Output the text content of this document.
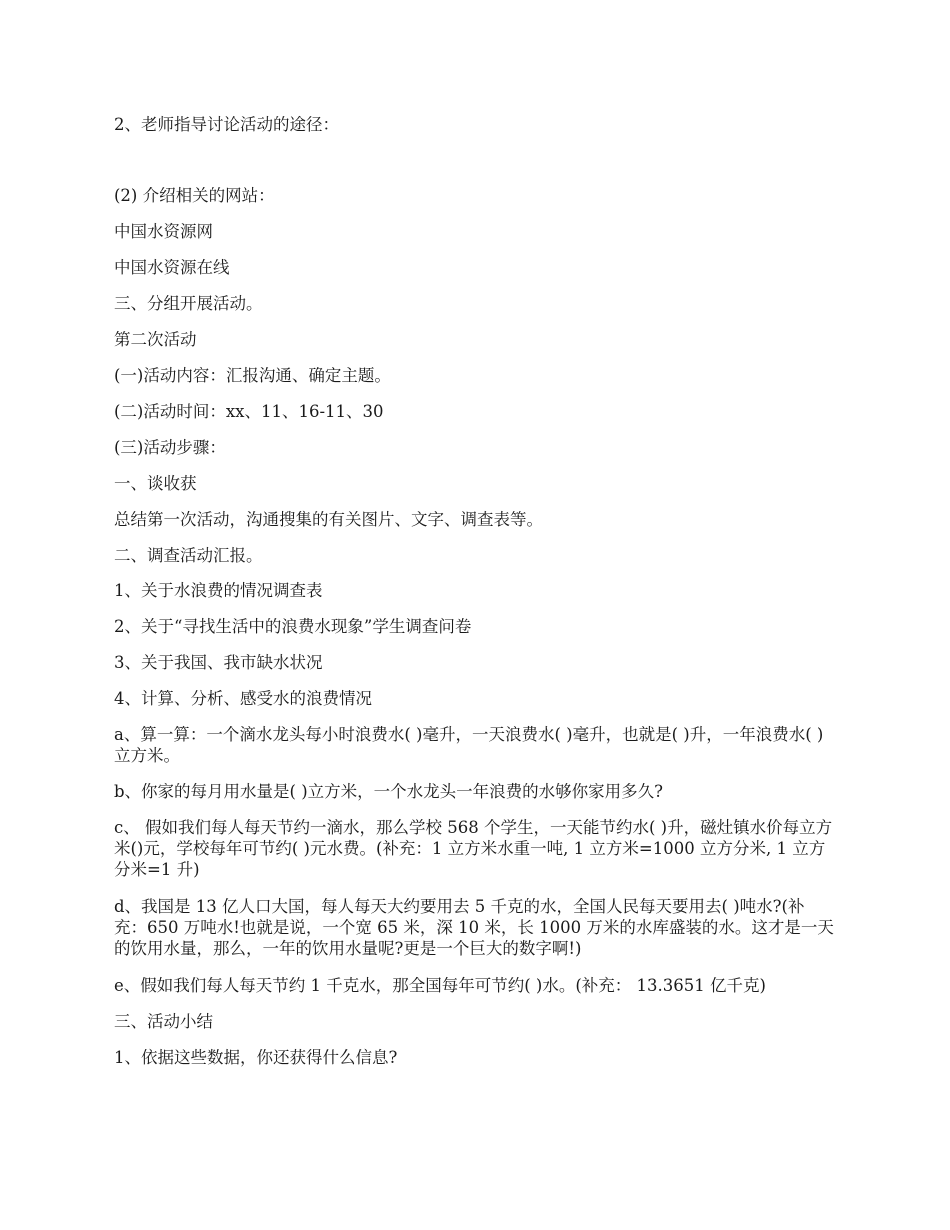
2、老师指导讨论活动的途径：

(2) 介绍相关的网站：

中国水资源网

中国水资源在线

三、分组开展活动。

第二次活动

(一)活动内容：汇报沟通、确定主题。

(二)活动时间：xx、11、16-11、30

(三)活动步骤：

一、谈收获

总结第一次活动，沟通搜集的有关图片、文字、调查表等。

二、调查活动汇报。

1、关于水浪费的情况调查表

2、关于“寻找生活中的浪费水现象”学生调查问卷

3、关于我国、我市缺水状况

4、计算、分析、感受水的浪费情况

a、算一算：一个滴水龙头每小时浪费水( )毫升，一天浪费水( )毫升，也就是( )升，一年浪费水( )立方米。

b、你家的每月用水量是( )立方米，一个水龙头一年浪费的水够你家用多久?

c、 假如我们每人每天节约一滴水，那么学校 568 个学生，一天能节约水( )升，磁灶镇水价每立方米()元，学校每年可节约( )元水费。(补充：1 立方米水重一吨, 1 立方米=1000 立方分米, 1 立方分米=1 升)

d、我国是 13 亿人口大国，每人每天大约要用去 5 千克的水，全国人民每天要用去( )吨水?(补充：650 万吨水!也就是说，一个宽 65 米，深 10 米，长 1000 万米的水库盛装的水。这才是一天的饮用水量，那么，一年的饮用水量呢?更是一个巨大的数字啊!)

e、假如我们每人每天节约 1 千克水，那全国每年可节约( )水。(补充： 13.3651 亿千克)

三、活动小结

1、依据这些数据，你还获得什么信息?
